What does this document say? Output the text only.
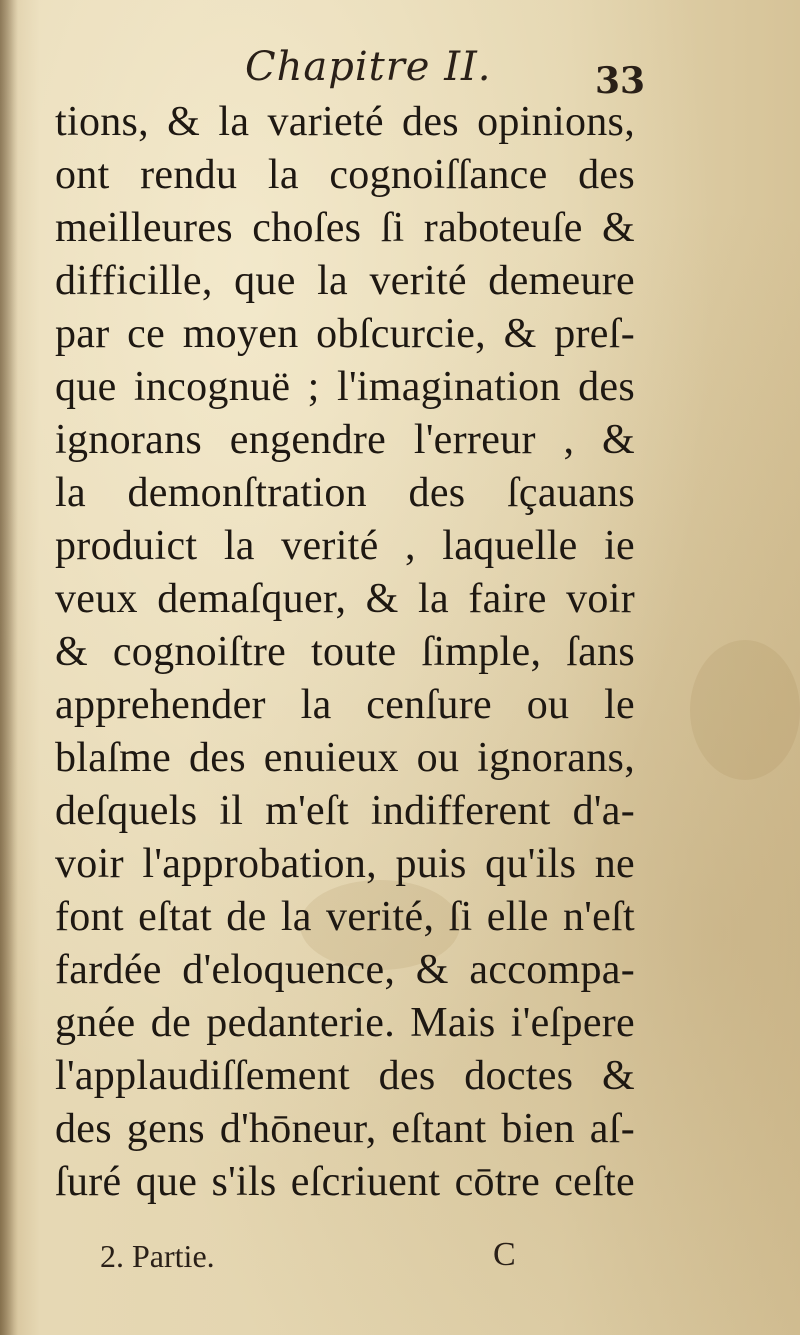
Chapitre II.	33
tions, & la varieté des opinions,
ont rendu la cognoiſſance des
meilleures choſes ſi raboteuſe &
difficille, que la verité demeure
par ce moyen obſcurcie, & preſ-
que incognuë ; l'imagination des
ignorans engendre l'erreur , &
la demonſtration des ſçauans
produict la verité , laquelle ie
veux demaſquer, & la faire voir
& cognoiſtre toute ſimple, ſans
apprehender la cenſure ou le
blaſme des enuieux ou ignorans,
deſquels il m'eſt indifferent d'a-
voir l'approbation, puis qu'ils ne
font eſtat de la verité, ſi elle n'eſt
fardée d'eloquence, & accompa-
gnée de pedanterie. Mais i'eſpere
l'applaudiſſement des doctes &
des gens d'hōneur, eſtant bien aſ-
ſuré que s'ils eſcriuent cōtre ceſte
2. Partie.	C
